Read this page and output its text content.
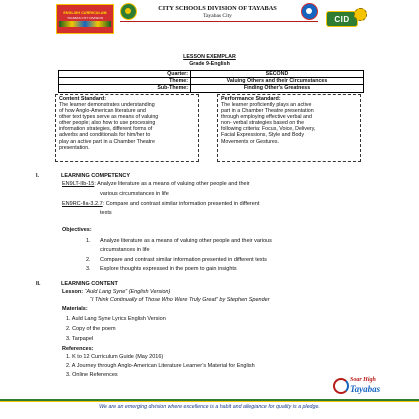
ENGLISH CURRICULUM
TAYABAS CITY DIVISION
CITY SCHOOLS DIVISION OF TAYABAS
Tayabas City	CID
LESSON EXEMPLAR
Grade 9-English
Quarter:	SECOND
Theme:	Valuing Others and their Circumstances
Sub-Theme:	Finding Other's Greatness
Content Standard:
The learner demonstrates understanding
of how Anglo-American literature and
other text types serve as means of valuing
other people; also how to use processing
information strategies, different forms of
adverbs and conditionals for him/her to
play an active part in a Chamber Theatre
presentation.
Performance Standard:
The learner proficiently plays an active
part in a Chamber Theatre presentation
through employing effective verbal and
non- verbal strategies based on the
following criteria: Focus, Voice, Delivery,
Facial Expressions, Style and Body
Movements or Gestures.
I.	LEARNING COMPETENCY
EN9LT-IIb-15: Analyze literature as a means of valuing other people and their
various circumstances in life
EN9RC-IIa-3.2.7: Compare and contrast similar information presented in different
texts
Objectives:
1. Analyze literature as a means of valuing other people and their various
circumstances in life
2. Compare and contrast similar information presented in different texts
3. Explore thoughts expressed in the poem to gain insights
II.	LEARNING CONTENT
Lesson: “Auld Lang Syne” (English Version)
“I Think Continually of Those Who Were Truly Great” by Stephen Spender
Materials:
1. Auld Lang Syne Lyrics English Version
2. Copy of the poem
3. Tarpapel
References:
1. K to 12 Curriculum Guide (May 2016)
2. A Journey through Anglo-American Literature Learner’s Material for English
3. Online References
Soar High
Tayabas
We are an emerging division where excellence is a habit and allegiance for quality is a pledge.
